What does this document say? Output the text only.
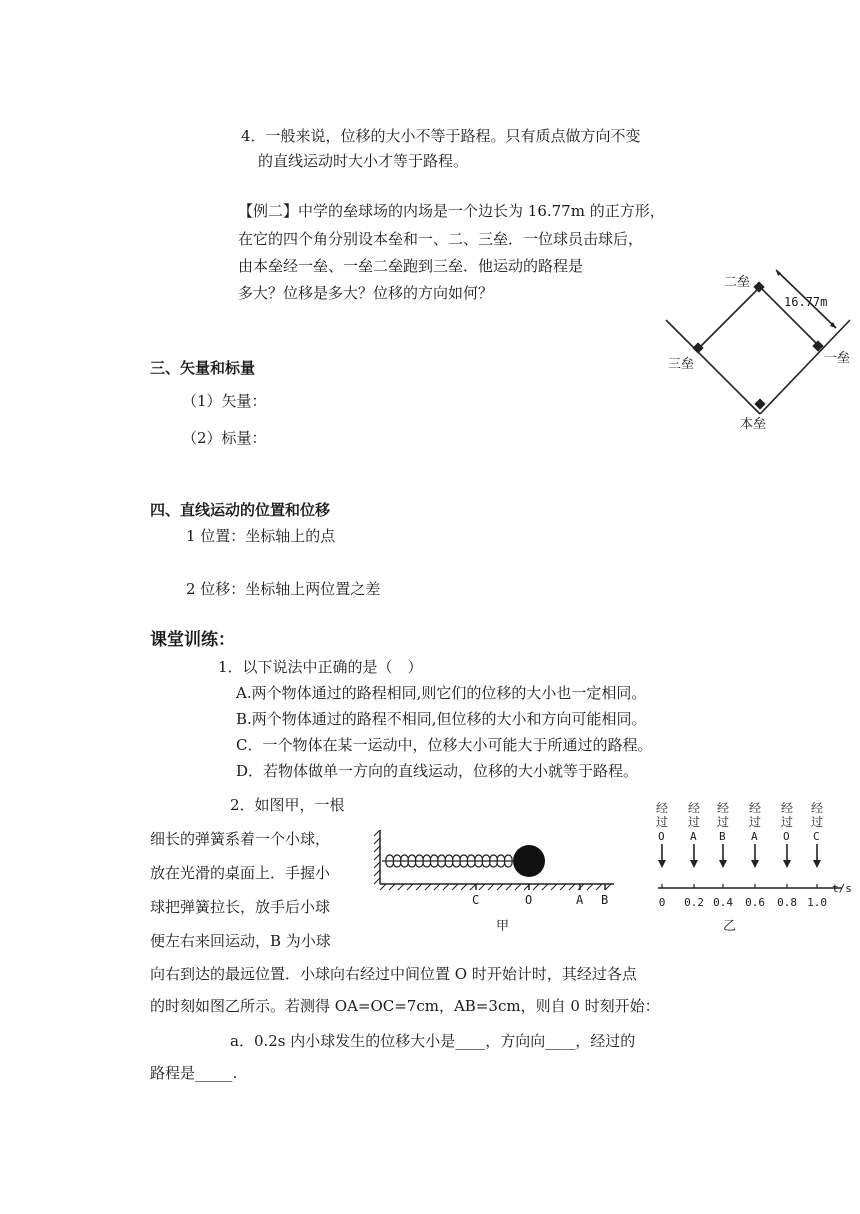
4．一般来说，位移的大小不等于路程。只有质点做方向不变
的直线运动时大小才等于路程。
【例二】中学的垒球场的内场是一个边长为 16.77m 的正方形，
在它的四个角分别设本垒和一、二、三垒．一位球员击球后，
由本垒经一垒、一垒二垒跑到三垒．他运动的路程是
多大？位移是多大？位移的方向如何？
二垒
三垒	一垒
本垒
16.77m
三、矢量和标量
（1）矢量：
（2）标量：
四、直线运动的位置和位移
1 位置：坐标轴上的点
2 位移：坐标轴上两位置之差
课堂训练：
1．以下说法中正确的是（　）
A.两个物体通过的路程相同,则它们的位移的大小也一定相同。
B.两个物体通过的路程不相同,但位移的大小和方向可能相同。
C．一个物体在某一运动中，位移大小可能大于所通过的路程。
D．若物体做单一方向的直线运动，位移的大小就等于路程。
2．如图甲，一根
细长的弹簧系着一个小球，
放在光滑的桌面上．手握小
球把弹簧拉长，放手后小球
便左右来回运动，B 为小球
向右到达的最远位置．小球向右经过中间位置 O 时开始计时，其经过各点
的时刻如图乙所示。若测得 OA=OC=7cm，AB=3cm，则自 0 时刻开始：
a．0.2s 内小球发生的位移大小是____，方向向____，经过的
路程是_____.
C	O	A B
甲
经
过
O
0
经
过
A
0.2
经
过
B
0.4
经
过
A
0.6
经
过
O
0.8
经
过
C
1.0
t/s
乙
